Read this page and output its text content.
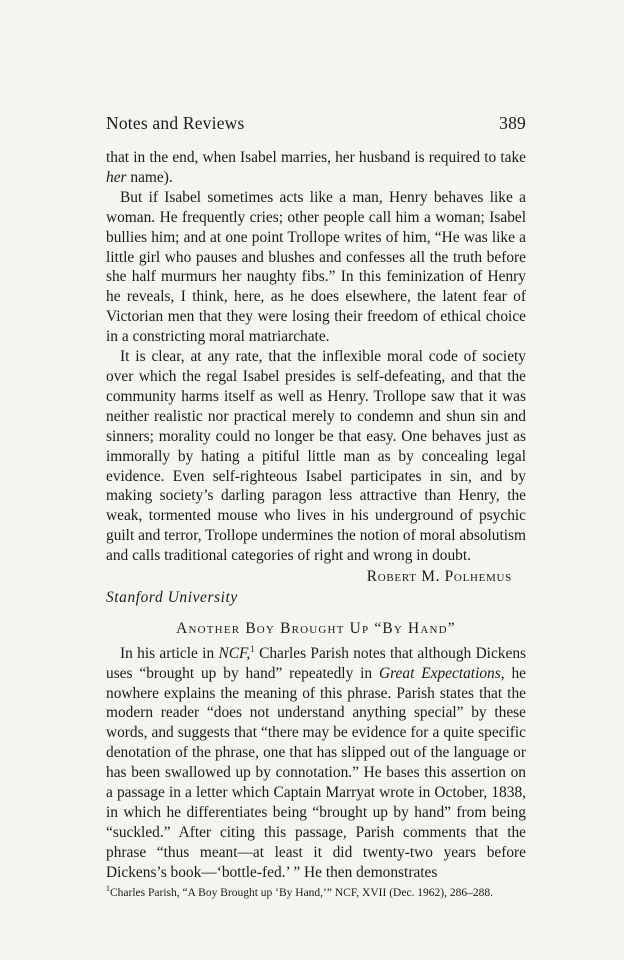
Notes and Reviews	389

that in the end, when Isabel marries, her husband is required to take her name).

But if Isabel sometimes acts like a man, Henry behaves like a woman. He frequently cries; other people call him a woman; Isabel bullies him; and at one point Trollope writes of him, “He was like a little girl who pauses and blushes and confesses all the truth before she half murmurs her naughty fibs.” In this feminization of Henry he reveals, I think, here, as he does elsewhere, the latent fear of Victorian men that they were losing their freedom of ethical choice in a constricting moral matriarchate.

It is clear, at any rate, that the inflexible moral code of society over which the regal Isabel presides is self-defeating, and that the community harms itself as well as Henry. Trollope saw that it was neither realistic nor practical merely to condemn and shun sin and sinners; morality could no longer be that easy. One behaves just as immorally by hating a pitiful little man as by concealing legal evidence. Even self-righteous Isabel participates in sin, and by making society’s darling paragon less attractive than Henry, the weak, tormented mouse who lives in his underground of psychic guilt and terror, Trollope undermines the notion of moral absolutism and calls traditional categories of right and wrong in doubt.

Robert M. Polhemus
Stanford University
Another Boy Brought Up “By Hand”

In his article in NCF,$^1$ Charles Parish notes that although Dickens uses “brought up by hand” repeatedly in Great Expectations, he nowhere explains the meaning of this phrase. Parish states that the modern reader “does not understand anything special” by these words, and suggests that “there may be evidence for a quite specific denotation of the phrase, one that has slipped out of the language or has been swallowed up by connotation.” He bases this assertion on a passage in a letter which Captain Marryat wrote in October, 1838, in which he differentiates being “brought up by hand” from being “suckled.” After citing this passage, Parish comments that the phrase “thus meant—at least it did twenty-two years before Dickens’s book—‘bottle-fed.’ ” He then demonstrates

$^1$Charles Parish, “A Boy Brought up ‘By Hand,’” NCF, XVII (Dec. 1962), 286–288.
